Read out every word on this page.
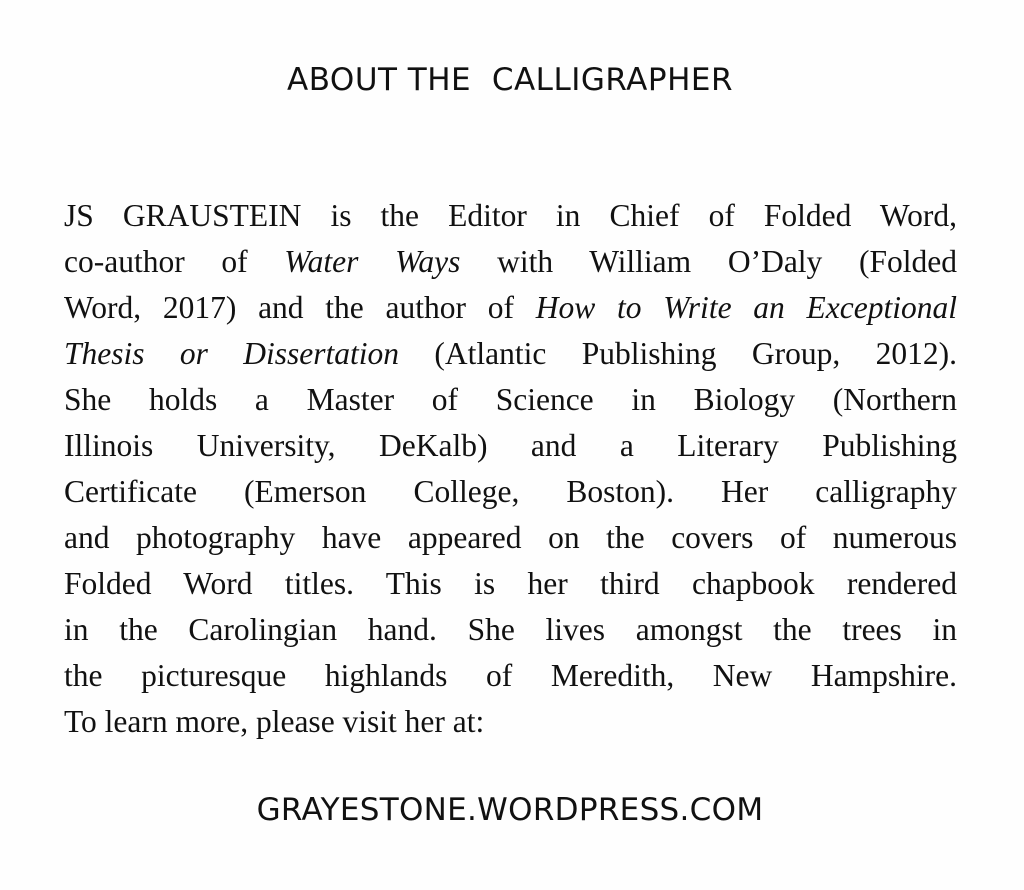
ABOUT THE  CALLIGRAPHER
JS GRAUSTEIN is the Editor in Chief of Folded Word,
co-author of Water Ways with William O’Daly (Folded
Word, 2017) and the author of How to Write an Exceptional
Thesis or Dissertation (Atlantic Publishing Group, 2012).
She holds a Master of Science in Biology (Northern
Illinois University, DeKalb) and a Literary Publishing
Certificate (Emerson College, Boston). Her calligraphy
and photography have appeared on the covers of numerous
Folded Word titles. This is her third chapbook rendered
in the Carolingian hand. She lives amongst the trees in
the picturesque highlands of Meredith, New Hampshire.
To learn more, please visit her at:
GRAYESTONE.WORDPRESS.COM
